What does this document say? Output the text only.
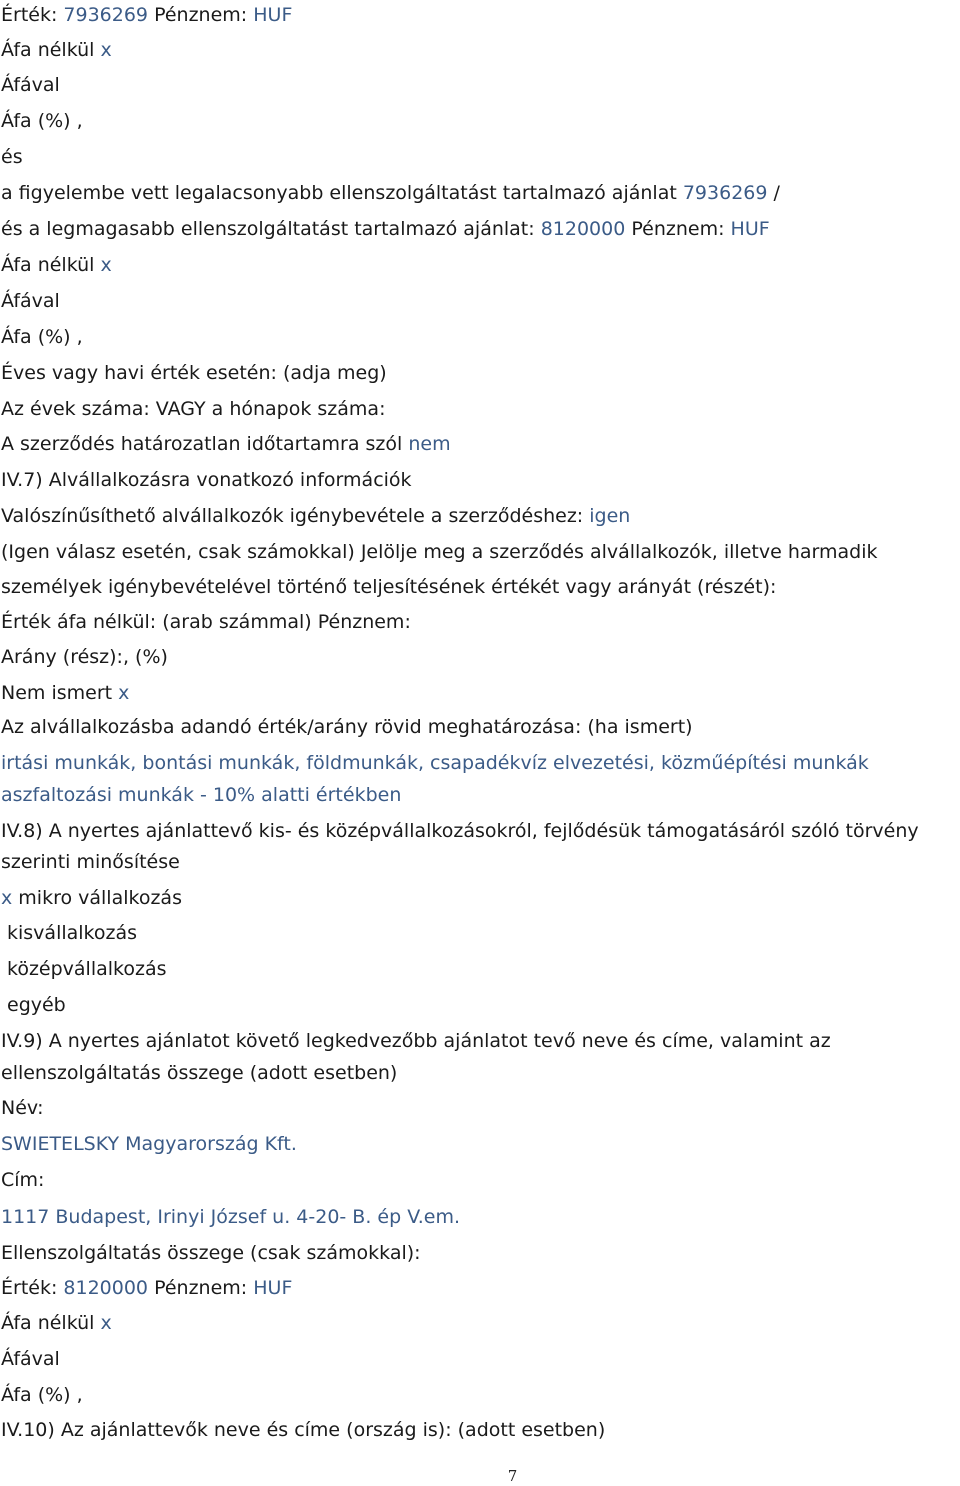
Érték: 7936269 Pénznem: HUF
Áfa nélkül x
Áfával
Áfa (%) ,
és
a figyelembe vett legalacsonyabb ellenszolgáltatást tartalmazó ajánlat 7936269 /
és a legmagasabb ellenszolgáltatást tartalmazó ajánlat: 8120000 Pénznem: HUF
Áfa nélkül x
Áfával
Áfa (%) ,
Éves vagy havi érték esetén: (adja meg)
Az évek száma: VAGY a hónapok száma:
A szerződés határozatlan időtartamra szól nem
IV.7) Alvállalkozásra vonatkozó információk
Valószínűsíthető alvállalkozók igénybevétele a szerződéshez: igen
(Igen válasz esetén, csak számokkal) Jelölje meg a szerződés alvállalkozók, illetve harmadik
személyek igénybevételével történő teljesítésének értékét vagy arányát (részét):
Érték áfa nélkül: (arab számmal) Pénznem:
Arány (rész):, (%)
Nem ismert x
Az alvállalkozásba adandó érték/arány rövid meghatározása: (ha ismert)
irtási munkák, bontási munkák, földmunkák, csapadékvíz elvezetési, közműépítési munkák
aszfaltozási munkák - 10% alatti értékben
IV.8) A nyertes ajánlattevő kis- és középvállalkozásokról, fejlődésük támogatásáról szóló törvény
szerinti minősítése
x mikro vállalkozás
kisvállalkozás
középvállalkozás
egyéb
IV.9) A nyertes ajánlatot követő legkedvezőbb ajánlatot tevő neve és címe, valamint az
ellenszolgáltatás összege (adott esetben)
Név:
SWIETELSKY Magyarország Kft.
Cím:
1117 Budapest, Irinyi József u. 4-20- B. ép V.em.
Ellenszolgáltatás összege (csak számokkal):
Érték: 8120000 Pénznem: HUF
Áfa nélkül x
Áfával
Áfa (%) ,
IV.10) Az ajánlattevők neve és címe (ország is): (adott esetben)
7
